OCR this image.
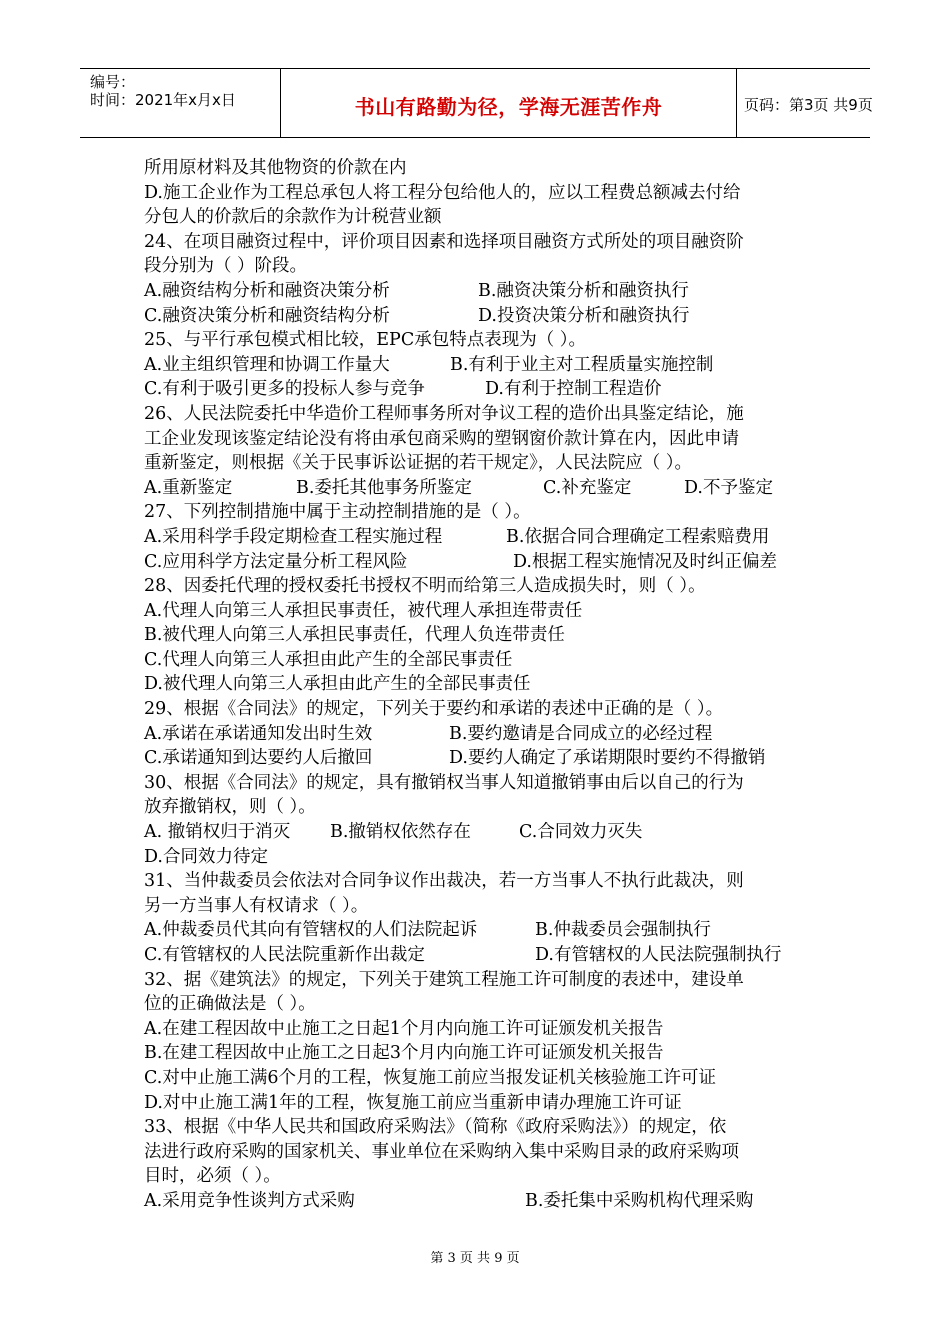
编号：
时间：2021年x月x日	书山有路勤为径，学海无涯苦作舟	页码：第3页 共9页
所用原材料及其他物资的价款在内
D.施工企业作为工程总承包人将工程分包给他人的，应以工程费总额减去付给
分包人的价款后的余款作为计税营业额
24、在项目融资过程中，评价项目因素和选择项目融资方式所处的项目融资阶
段分别为（ ）阶段。
A.融资结构分析和融资决策分析	B.融资决策分析和融资执行
C.融资决策分析和融资结构分析	D.投资决策分析和融资执行
25、与平行承包模式相比较，EPC承包特点表现为（ ）。
A.业主组织管理和协调工作量大	B.有利于业主对工程质量实施控制
C.有利于吸引更多的投标人参与竞争	D.有利于控制工程造价
26、人民法院委托中华造价工程师事务所对争议工程的造价出具鉴定结论，施
工企业发现该鉴定结论没有将由承包商采购的塑钢窗价款计算在内，因此申请
重新鉴定，则根据《关于民事诉讼证据的若干规定》，人民法院应（ ）。
A.重新鉴定	B.委托其他事务所鉴定	C.补充鉴定	D.不予鉴定
27、下列控制措施中属于主动控制措施的是（ ）。
A.采用科学手段定期检查工程实施过程	B.依据合同合理确定工程索赔费用
C.应用科学方法定量分析工程风险	D.根据工程实施情况及时纠正偏差
28、因委托代理的授权委托书授权不明而给第三人造成损失时，则（ ）。
A.代理人向第三人承担民事责任，被代理人承担连带责任
B.被代理人向第三人承担民事责任，代理人负连带责任
C.代理人向第三人承担由此产生的全部民事责任
D.被代理人向第三人承担由此产生的全部民事责任
29、根据《合同法》的规定，下列关于要约和承诺的表述中正确的是（ ）。
A.承诺在承诺通知发出时生效	B.要约邀请是合同成立的必经过程
C.承诺通知到达要约人后撤回	D.要约人确定了承诺期限时要约不得撤销
30、根据《合同法》的规定，具有撤销权当事人知道撤销事由后以自己的行为
放弃撤销权，则（ ）。
A. 撤销权归于消灭 B.撤销权依然存在	C.合同效力灭失
D.合同效力待定
31、当仲裁委员会依法对合同争议作出裁决，若一方当事人不执行此裁决，则
另一方当事人有权请求（ ）。
A.仲裁委员代其向有管辖权的人们法院起诉	B.仲裁委员会强制执行
C.有管辖权的人民法院重新作出裁定	D.有管辖权的人民法院强制执行
32、据《建筑法》的规定，下列关于建筑工程施工许可制度的表述中，建设单
位的正确做法是（ ）。
A.在建工程因故中止施工之日起1个月内向施工许可证颁发机关报告
B.在建工程因故中止施工之日起3个月内向施工许可证颁发机关报告
C.对中止施工满6个月的工程，恢复施工前应当报发证机关核验施工许可证
D.对中止施工满1年的工程，恢复施工前应当重新申请办理施工许可证
33、根据《中华人民共和国政府采购法》（简称《政府采购法》）的规定，依
法进行政府采购的国家机关、事业单位在采购纳入集中采购目录的政府采购项
目时，必须（ ）。
A.采用竞争性谈判方式采购	B.委托集中采购机构代理采购
第 3 页 共 9 页
